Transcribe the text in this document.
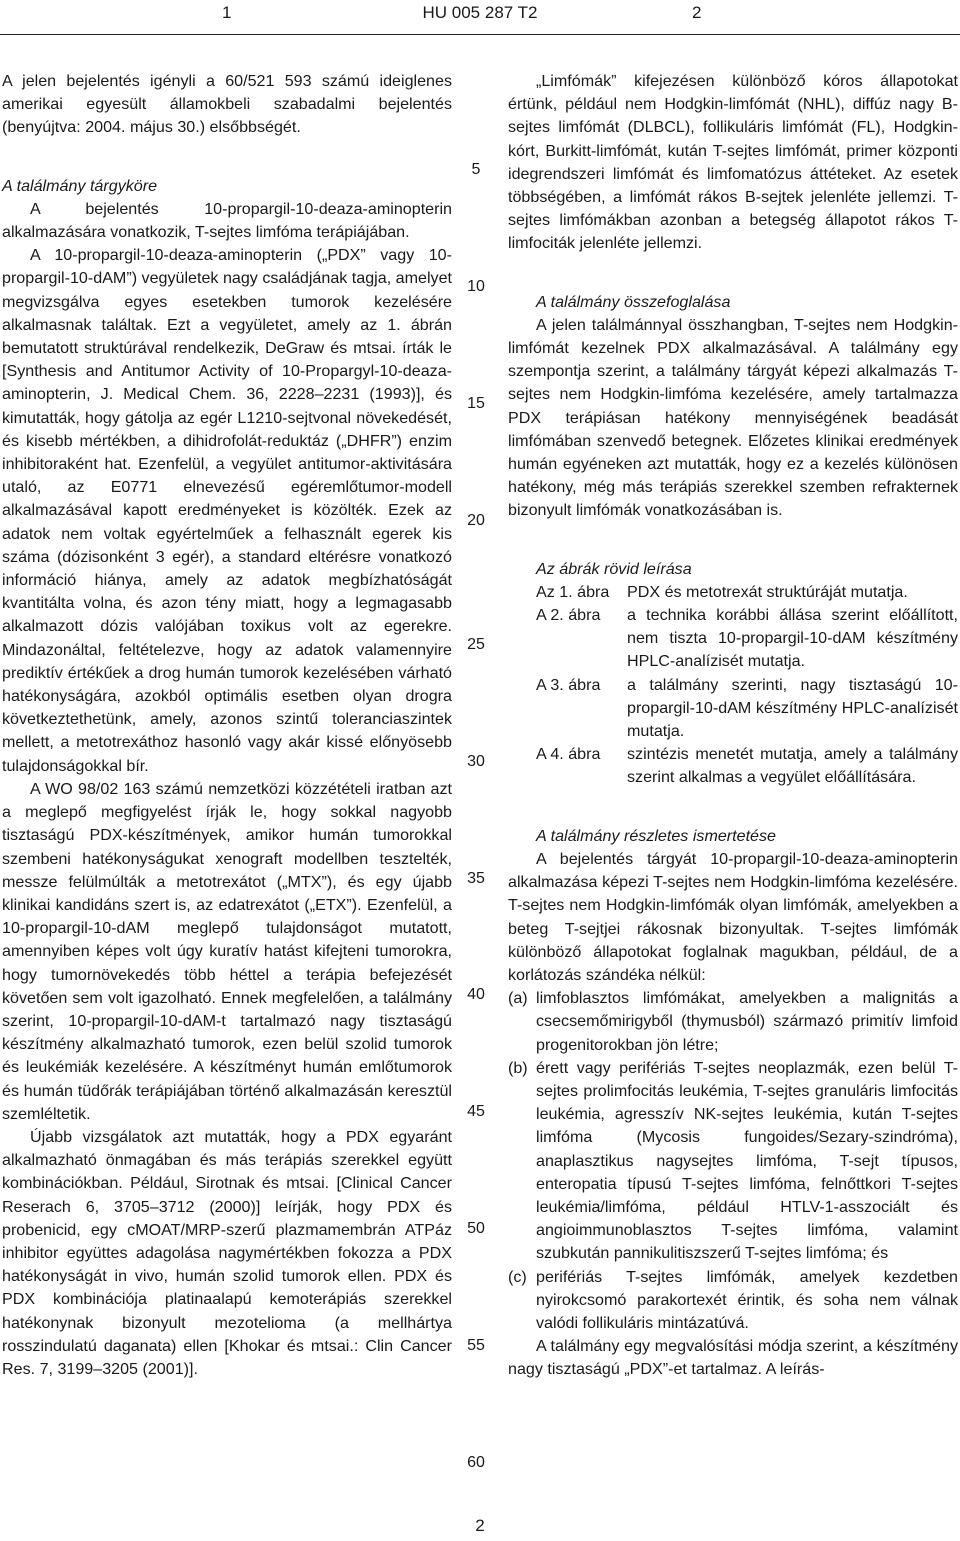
1	HU 005 287 T2	2

A jelen bejelentés igényli a 60/521 593 számú ideiglenes amerikai egyesült államokbeli szabadalmi bejelentés (benyújtva: 2004. május 30.) elsőbbségét.

A találmány tárgyköre

A bejelentés 10-propargil-10-deaza-aminopterin alkalmazására vonatkozik, T-sejtes limfóma terápiájában.

A 10-propargil-10-deaza-aminopterin („PDX” vagy 10-propargil-10-dAM”) vegyületek nagy családjának tagja, amelyet megvizsgálva egyes esetekben tumorok kezelésére alkalmasnak találtak. Ezt a vegyületet, amely az 1. ábrán bemutatott struktúrával rendelkezik, DeGraw és mtsai. írták le [Synthesis and Antitumor Activity of 10-Propargyl-10-deaza-aminopterin, J. Medical Chem. 36, 2228–2231 (1993)], és kimutatták, hogy gátolja az egér L1210-sejtvonal növekedését, és kisebb mértékben, a dihidrofolát-reduktáz („DHFR”) enzim inhibitoraként hat. Ezenfelül, a vegyület antitumor-aktivitására utaló, az E0771 elnevezésű egéremlőtumor-modell alkalmazásával kapott eredményeket is közölték. Ezek az adatok nem voltak egyértelműek a felhasznált egerek kis száma (dózisonként 3 egér), a standard eltérésre vonatkozó információ hiánya, amely az adatok megbízhatóságát kvantitálta volna, és azon tény miatt, hogy a legmagasabb alkalmazott dózis valójában toxikus volt az egerekre. Mindazonáltal, feltételezve, hogy az adatok valamennyire prediktív értékűek a drog humán tumorok kezelésében várható hatékonyságára, azokból optimális esetben olyan drogra következtethetünk, amely, azonos szintű toleranciaszintek mellett, a metotrexáthoz hasonló vagy akár kissé előnyösebb tulajdonságokkal bír.

A WO 98/02 163 számú nemzetközi közzétételi iratban azt a meglepő megfigyelést írják le, hogy sokkal nagyobb tisztaságú PDX-készítmények, amikor humán tumorokkal szembeni hatékonyságukat xenograft modellben tesztelték, messze felülmúlták a metotrexátot („MTX”), és egy újabb klinikai kandidáns szert is, az edatrexátot („ETX”). Ezenfelül, a 10-propargil-10-dAM meglepő tulajdonságot mutatott, amennyiben képes volt úgy kuratív hatást kifejteni tumorokra, hogy tumornövekedés több héttel a terápia befejezését követően sem volt igazolható. Ennek megfelelően, a találmány szerint, 10-propargil-10-dAM-t tartalmazó nagy tisztaságú készítmény alkalmazható tumorok, ezen belül szolid tumorok és leukémiák kezelésére. A készítményt humán emlőtumorok és humán tüdőrák terápiájában történő alkalmazásán keresztül szemléltetik.

Újabb vizsgálatok azt mutatták, hogy a PDX egyaránt alkalmazható önmagában és más terápiás szerekkel együtt kombinációkban. Például, Sirotnak és mtsai. [Clinical Cancer Reserach 6, 3705–3712 (2000)] leírják, hogy PDX és probenicid, egy cMOAT/MRP-szerű plazmamembrán ATPáz inhibitor együttes adagolása nagymértékben fokozza a PDX hatékonyságát in vivo, humán szolid tumorok ellen. PDX és PDX kombinációja platinaalapú kemoterápiás szerekkel hatékonynak bizonyult mezotelioma (a mellhártya rosszindulatú daganata) ellen [Khokar és mtsai.: Clin Cancer Res. 7, 3199–3205 (2001)].

„Limfómák” kifejezésen különböző kóros állapotokat értünk, például nem Hodgkin-limfómát (NHL), diffúz nagy B-sejtes limfómát (DLBCL), follikuláris limfómát (FL), Hodgkin-kórt, Burkitt-limfómát, kután T-sejtes limfómát, primer központi idegrendszeri limfómát és limfomatózus áttéteket. Az esetek többségében, a limfómát rákos B-sejtek jelenléte jellemzi. T-sejtes limfómákban azonban a betegség állapotot rákos T-limfociták jelenléte jellemzi.

A találmány összefoglalása

A jelen találmánnyal összhangban, T-sejtes nem Hodgkin-limfómát kezelnek PDX alkalmazásával. A találmány egy szempontja szerint, a találmány tárgyát képezi alkalmazás T-sejtes nem Hodgkin-limfóma kezelésére, amely tartalmazza PDX terápiásan hatékony mennyiségének beadását limfómában szenvedő betegnek. Előzetes klinikai eredmények humán egyéneken azt mutatták, hogy ez a kezelés különösen hatékony, még más terápiás szerekkel szemben refrakternek bizonyult limfómák vonatkozásában is.

Az ábrák rövid leírása
Az 1. ábra	PDX és metotrexát struktúráját mutatja.
A 2. ábra	a technika korábbi állása szerint előállított, nem tiszta 10-propargil-10-dAM készítmény HPLC-analízisét mutatja.
A 3. ábra	a találmány szerinti, nagy tisztaságú 10-propargil-10-dAM készítmény HPLC-analízisét mutatja.
A 4. ábra	szintézis menetét mutatja, amely a találmány szerint alkalmas a vegyület előállítására.
A találmány részletes ismertetése

A bejelentés tárgyát 10-propargil-10-deaza-aminopterin alkalmazása képezi T-sejtes nem Hodgkin-limfóma kezelésére. T-sejtes nem Hodgkin-limfómák olyan limfómák, amelyekben a beteg T-sejtjei rákosnak bizonyultak. T-sejtes limfómák különböző állapotokat foglalnak magukban, például, de a korlátozás szándéka nélkül:

(a) limfoblasztos limfómákat, amelyekben a malignitás a csecsemőmirigyből (thymusból) származó primitív limfoid progenitorokban jön létre;
(b) érett vagy perifériás T-sejtes neoplazmák, ezen belül T-sejtes prolimfocitás leukémia, T-sejtes granuláris limfocitás leukémia, agresszív NK-sejtes leukémia, kután T-sejtes limfóma (Mycosis fungoides/Sezary-szindróma), anaplasztikus nagysejtes limfóma, T-sejt típusos, enteropatia típusú T-sejtes limfóma, felnőttkori T-sejtes leukémia/limfóma, például HTLV-1-asszociált és angioimmunoblasztos T-sejtes limfóma, valamint szubkután pannikulitiszszerű T-sejtes limfóma; és
(c) perifériás T-sejtes limfómák, amelyek kezdetben nyirokcsomó parakortexét érintik, és soha nem válnak valódi follikuláris mintázatúvá.

A találmány egy megvalósítási módja szerint, a készítmény nagy tisztaságú „PDX”-et tartalmaz. A leírás-

5
10
15
20
25
30
35
40
45
50
55
60
2
